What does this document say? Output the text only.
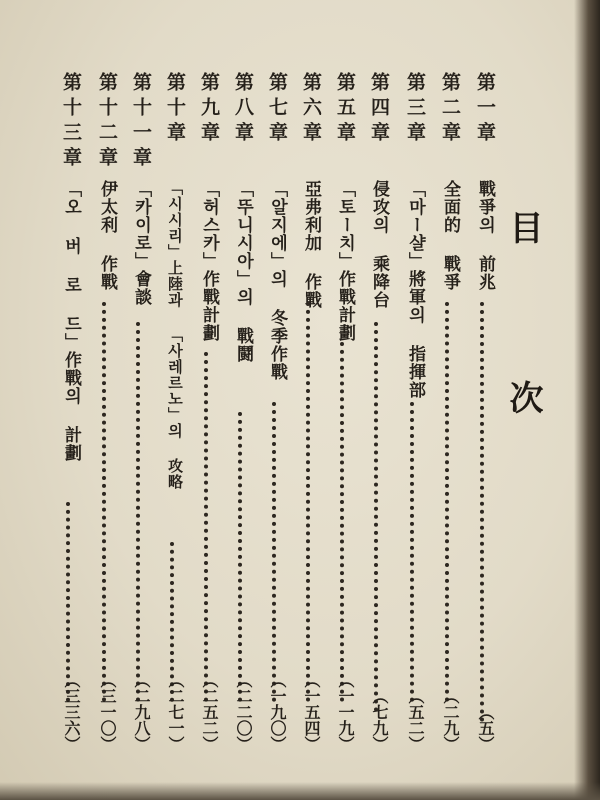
目 次
第一章
戰爭의 前兆
（五）
第二章
全面的 戰爭
（二九）
第三章
「마ー샬」將軍의 指揮部
（五二）
第四章
侵攻의 乘降台
（七九）
第五章
「토ー치」作戰計劃
（一一九）
第六章
亞弗利加 作戰
（一五四）
第七章
「알지에」의 冬季作戰
（一九〇）
第八章
「뚜니시아」의 戰鬪
（二二〇）
第九章
「허스카」作戰計劃
（二五二）
第十章
「시시리」上陸과 「사레르노」의 攻略
（二七一）
第十一章
「카이로」會談
（二九八）
第十二章
伊太利 作戰
（三一〇）
第十三章
「오 버 로 드」作戰의 計劃
（三三六）
